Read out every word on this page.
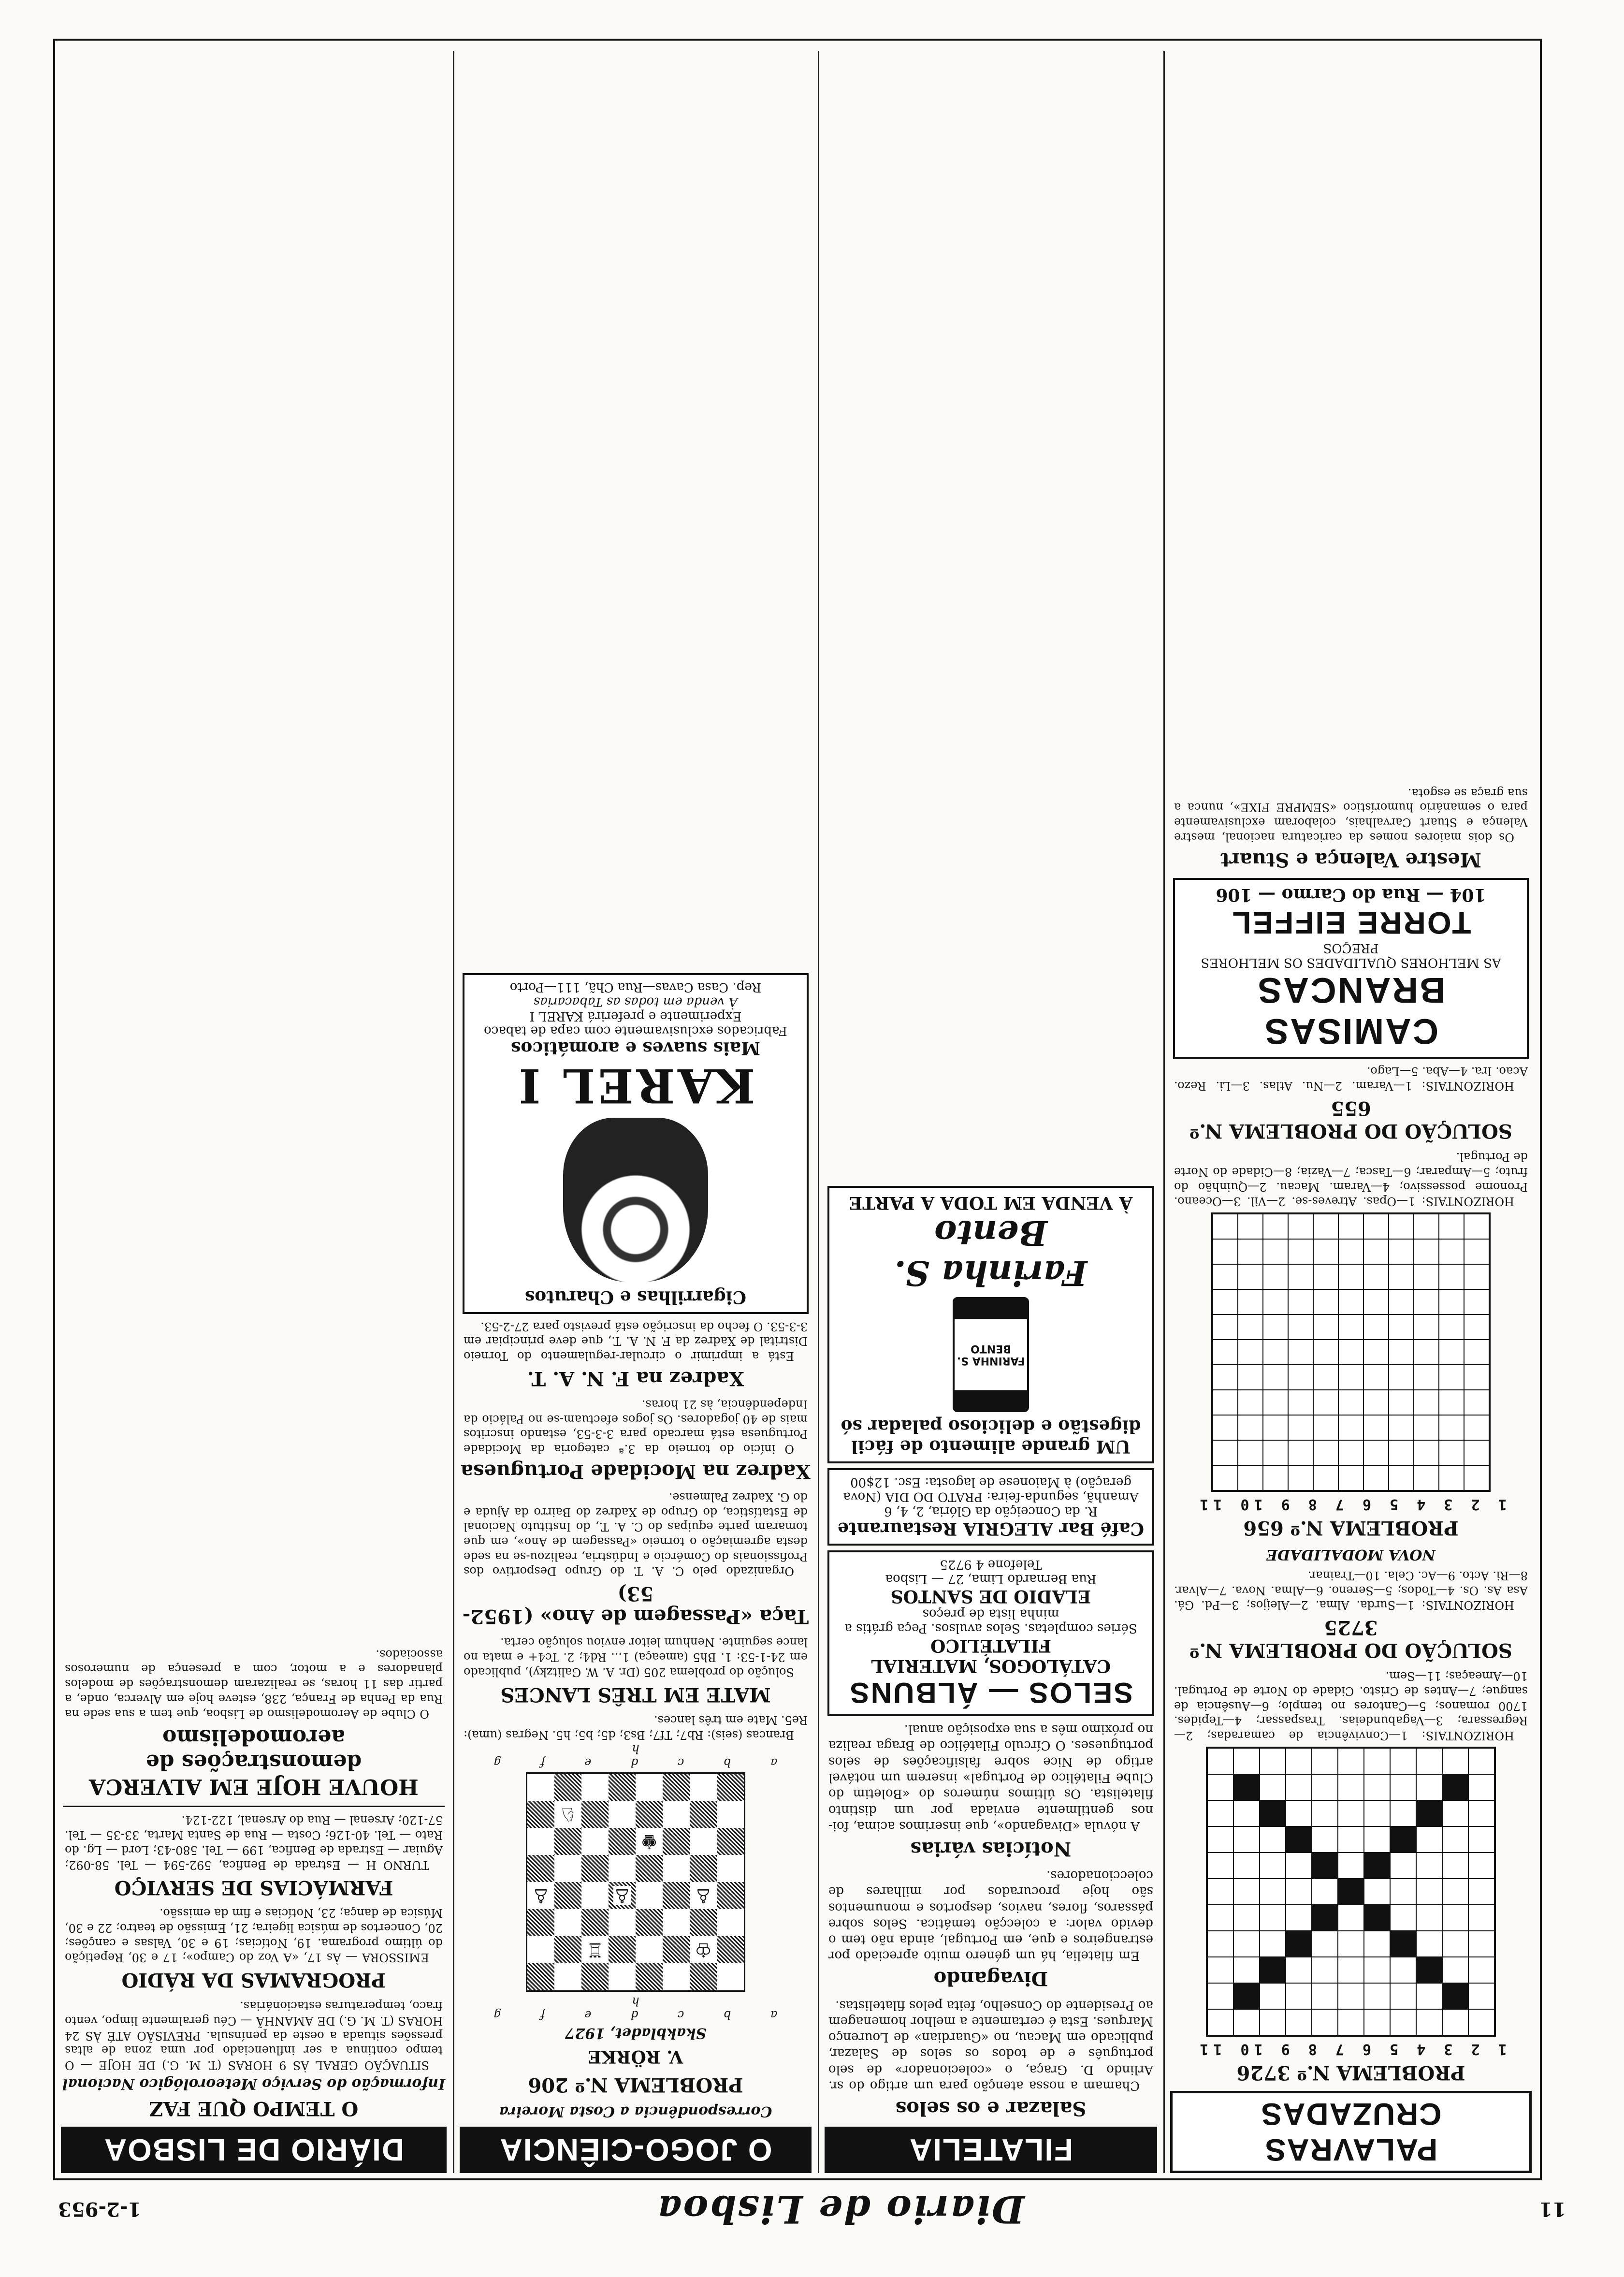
11
Diario de Lisboa
1-2-953
PALAVRAS CRUZADAS
PROBLEMA N.º 3726
1 2 3 4 5 6 7 8 9 10 11

HORIZONTAIS: 1—Convivência de camaradas; 2—Regressara; 3—Vagabundeias. Traspassar; 4—Tepides. 1700 romanos; 5—Cantores no templo; 6—Ausência de sangue; 7—Antes de Cristo. Cidade do Norte de Portugal. 10—Ameaças; 11—Sem.

SOLUÇÃO DO PROBLEMA N.º 3725

HORIZONTAIS: 1—Surda. Alma. 2—Aleijos; 3—Pd. Gá. Asa As. Os. 4—Todos; 5—Sereno. 6—Alma. Nova. 7—Alvar. 8—Ri. Acto. 9—Ac. Cela. 10—Trainar.

NOVA MODALIDADE
PROBLEMA N.º 656
1 2 3 4 5 6 7 8 9 10 11

HORIZONTAIS: 1—Opas. Atreves-se. 2—Vil. 3—Oceano. Pronome possessivo; 4—Varam. Macau. 2—Quinhão do fruto; 5—Amparar; 6—Tasca; 7—Vazia; 8—Cidade do Norte de Portugal.

SOLUÇÃO DO PROBLEMA N.º 655

HORIZONTAIS: 1—Varam. 2—Nu. Atlas. 3—Li. Rezo. Acao. Ira. 4—Aba. 5—Lago.

CAMISAS BRANCAS
AS MELHORES QUALIDADES OS MELHORES PREÇOS
TORRE EIFFEL
104 — Rua do Carmo — 106
Mestre Valença e Stuart

Os dois maiores nomes da caricatura nacional, mestre Valença e Stuart Carvalhais, colaboram exclusivamente para o semanário humorístico «SEMPRE FIXE», nunca a sua graça se esgota.

FILATELIA
Salazar e os selos

Chamam a nossa atenção para um artigo do sr. Arlindo D. Graça, o «colecionador» de selo português e de todos os selos de Salazar, publicado em Macau, no «Guardian» de Lourenço Marques. Esta é certamente a melhor homenagem ao Presidente do Conselho, feita pelos filatelistas.

Divagando

Em filatelia, há um género muito apreciado por estrangeiros e que, em Portugal, ainda não tem o devido valor: a colecção temática. Selos sobre pássaros, flores, navios, desportos e monumentos são hoje procurados por milhares de coleccionadores.

Notícias várias

A nóvula «Divagando», que inserimos acima, foi-nos gentilmente enviada por um distinto filatelista. Os últimos números do «Boletim do Clube Filatélico de Portugal» inserem um notável artigo de Nice sobre falsificações de selos portugueses. O Círculo Filatélico de Braga realiza no próximo mês a sua exposição anual.

SELOS — ÁLBUNS
CATÁLOGOS, MATERIAL FILATÉLICO
Séries completas. Selos avulsos. Peça grátis a minha lista de preços
ELADIO DE SANTOS
Rua Bernardo Lima, 27 — Lisboa
Telefone 4 9725
Café Bar ALEGRIA Restaurante
R. da Conceição da Glória, 2, 4, 6
Amanhã, segunda-feira: PRATO DO DIA (Nova geração) à Maionese de lagosta: Esc. 12$00
UM grande alimento de fácil digestão e delicioso paladar só
FARINHA S. BENTO
Farinha S. Bento
À VENDA EM TODA A PARTE
O JOGO-CIÊNCIA
Correspondência a Costa Moreira
PROBLEMA N.º 206
V. RÖRKE
Skakbladet, 1927
a b c d e f g h
♔
♖
♙
♙
♙
♚
♘
a b c d e f g h

Brancas (seis): Rb7; Tf7; Bs3; d5; b5; h5. Negras (uma): Re5. Mate em três lances.

MATE EM TRÊS LANCES

Solução do problema 205 (Dr. A. W. Galitzky), publicado em 24-1-53: 1. Bh5 (ameaça) 1... Rd4; 2. Tc4+ e mata no lance seguinte. Nenhum leitor enviou solução certa.

Taça «Passagem de Ano» (1952-53)

Organizado pelo C. A. T. do Grupo Desportivo dos Profissionais do Comércio e Indústria, realizou-se na sede desta agremiação o torneio «Passagem de Ano», em que tomaram parte equipas do C. A. T., do Instituto Nacional de Estatística, do Grupo de Xadrez do Bairro da Ajuda e do G. Xadrez Palmense.

Xadrez na Mocidade Portuguesa

O início do torneio da 3.ª categoria da Mocidade Portuguesa está marcado para 3-3-53, estando inscritos mais de 40 jogadores. Os jogos efectuam-se no Palácio da Independência, às 21 horas.

Xadrez na F. N. A. T.

Está a imprimir o circular-regulamento do Torneio Distrital de Xadrez da F. N. A. T., que deve principiar em 3-3-53. O fecho da inscrição está previsto para 27-2-53.

Cigarrilhas e Charutos
KAREL I
Mais suaves e aromáticos
Fabricados exclusivamente com capa de tabaco
Experimente e preferirá KAREL I
À venda em todas as Tabacarias
Rep. Casa Cavas—Rua Chã, 111—Porto
DIÁRIO DE LISBOA
O TEMPO QUE FAZ
Informação do Serviço Meteorológico Nacional

SITUAÇÃO GERAL ÀS 9 HORAS (T. M. G.) DE HOJE — O tempo continua a ser influenciado por uma zona de altas pressões situada a oeste da península. PREVISÃO ATÉ ÀS 24 HORAS (T. M. G.) DE AMANHÃ — Céu geralmente limpo, vento fraco, temperaturas estacionárias.

PROGRAMAS DA RÁDIO

EMISSORA — Às 17, «A Voz do Campo»; 17 e 30, Repetição do último programa. 19, Notícias; 19 e 30, Valsas e canções; 20, Concertos de música ligeira; 21, Emissão de teatro; 22 e 30, Música de dança; 23, Notícias e fim da emissão.

FARMÁCIAS DE SERVIÇO

TURNO H — Estrada de Benfica, 592-594 — Tel. 58-092; Aguiar — Estrada de Benfica, 199 — Tel. 580-43; Lord — Lg. do Rato — Tel. 40-126; Costa — Rua de Santa Marta, 33-35 — Tel. 57-120; Arsenal — Rua do Arsenal, 122-124.

HOUVE HOJE EM ALVERCA demonstrações de aeromodelismo

O Clube de Aeromodelismo de Lisboa, que tem a sua sede na Rua da Penha de França, 238, esteve hoje em Alverca, onde, a partir das 11 horas, se realizaram demonstrações de modelos planadores e a motor, com a presença de numerosos associados.
